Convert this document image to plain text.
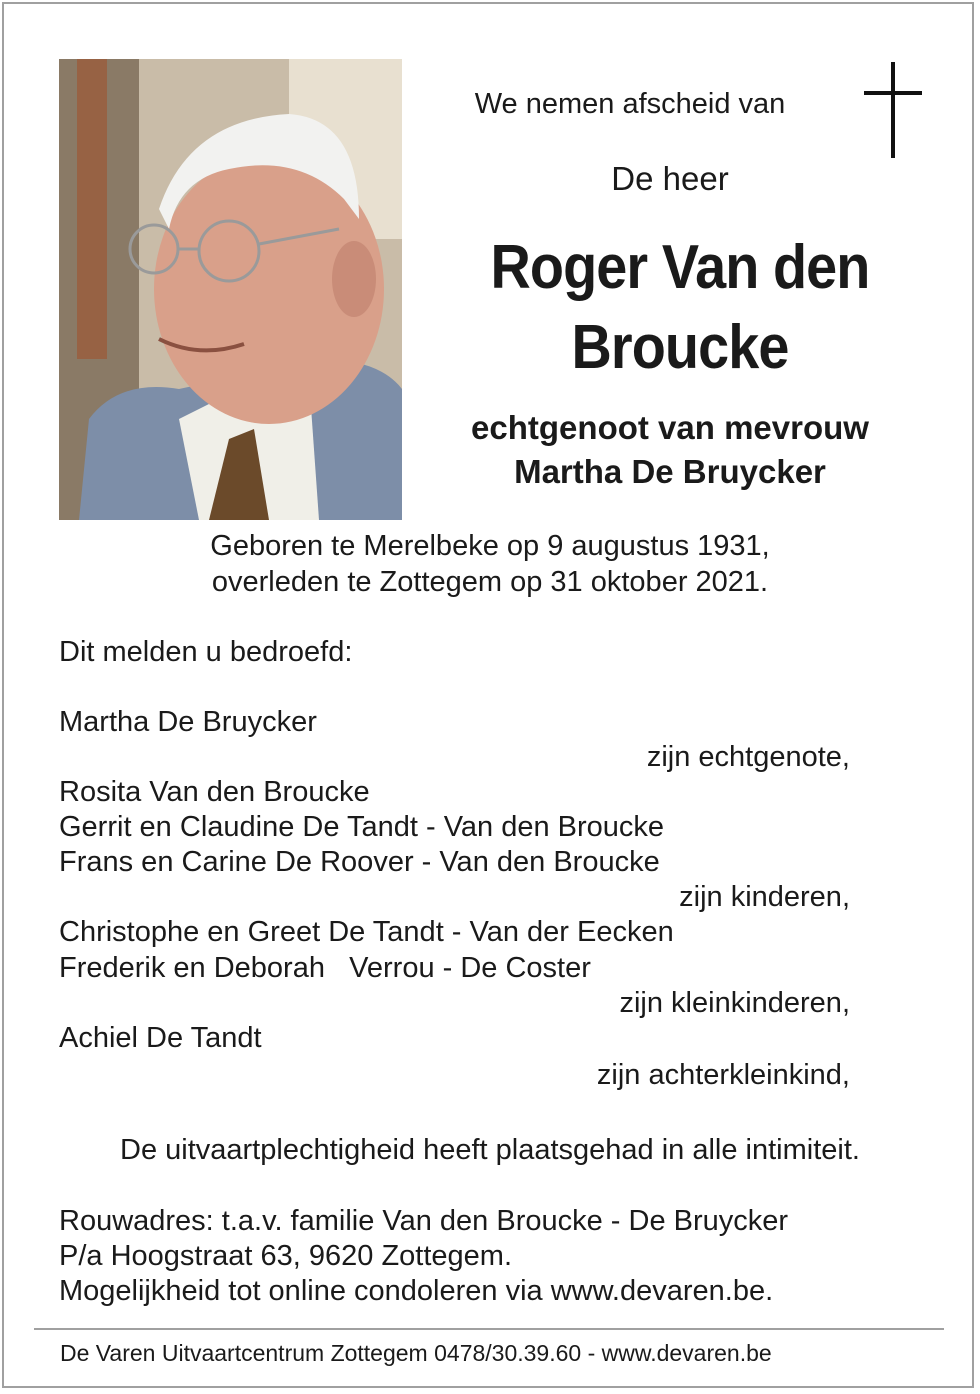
We nemen afscheid van
De heer
Roger Van den
Broucke
echtgenoot van mevrouw
Martha De Bruycker
Geboren te Merelbeke op 9 augustus 1931,
overleden te Zottegem op 31 oktober 2021.
Dit melden u bedroefd:
Martha De Bruycker
zijn echtgenote,
Rosita Van den Broucke
Gerrit en Claudine De Tandt - Van den Broucke
Frans en Carine De Roover - Van den Broucke
zijn kinderen,
Christophe en Greet De Tandt - Van der Eecken
Frederik en Deborah   Verrou - De Coster
zijn kleinkinderen,
Achiel De Tandt
zijn achterkleinkind,
De uitvaartplechtigheid heeft plaatsgehad in alle intimiteit.
Rouwadres: t.a.v. familie Van den Broucke - De Bruycker
P/a Hoogstraat 63, 9620 Zottegem.
Mogelijkheid tot online condoleren via www.devaren.be.
De Varen Uitvaartcentrum Zottegem 0478/30.39.60 - www.devaren.be
